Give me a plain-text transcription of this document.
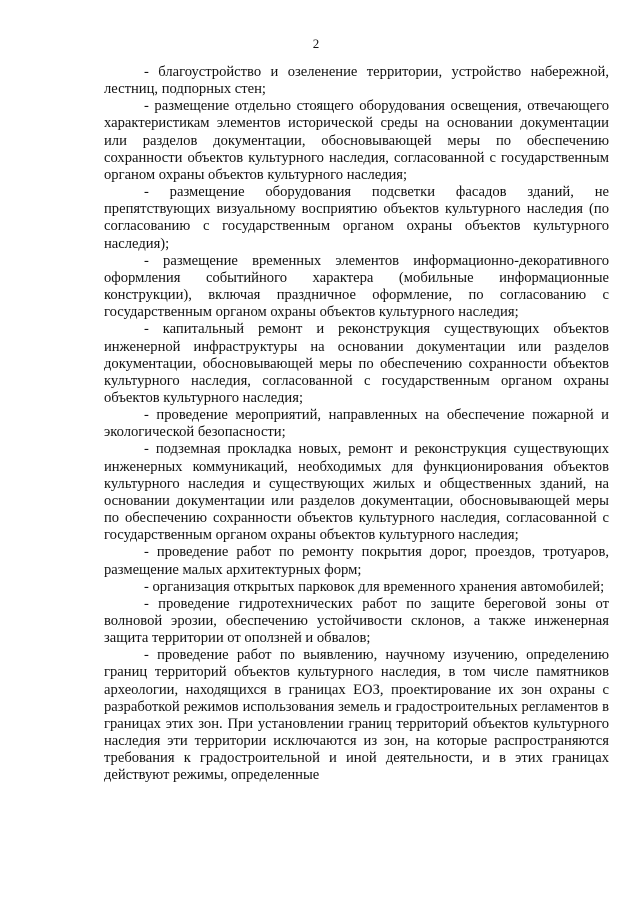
2

- благоустройство и озеленение территории, устройство набережной, лестниц, подпорных стен;

- размещение отдельно стоящего оборудования освещения, отвечающего характеристикам элементов исторической среды на основании документации или разделов документации, обосновывающей меры по обеспечению сохранности объектов культурного наследия, согласованной с государственным органом охраны объектов культурного наследия;

- размещение оборудования подсветки фасадов зданий, не препятствующих визуальному восприятию объектов культурного наследия (по согласованию с государственным органом охраны объектов культурного наследия);

- размещение временных элементов информационно-декоративного оформления событийного характера (мобильные информационные конструкции), включая праздничное оформление, по согласованию с государственным органом охраны объектов культурного наследия;

- капитальный ремонт и реконструкция существующих объектов инженерной инфраструктуры на основании документации или разделов документации, обосновывающей меры по обеспечению сохранности объектов культурного наследия, согласованной с государственным органом охраны объектов культурного наследия;

- проведение мероприятий, направленных на обеспечение пожарной и экологической безопасности;

- подземная прокладка новых, ремонт и реконструкция существующих инженерных коммуникаций, необходимых для функционирования объектов культурного наследия и существующих жилых и общественных зданий, на основании документации или разделов документации, обосновывающей меры по обеспечению сохранности объектов культурного наследия, согласованной с государственным органом охраны объектов культурного наследия;

- проведение работ по ремонту покрытия дорог, проездов, тротуаров, размещение малых архитектурных форм;

- организация открытых парковок для временного хранения автомобилей;

- проведение гидротехнических работ по защите береговой зоны от волновой эрозии, обеспечению устойчивости склонов, а также инженерная защита территории от оползней и обвалов;

- проведение работ по выявлению, научному изучению, определению границ территорий объектов культурного наследия, в том числе памятников археологии, находящихся в границах ЕОЗ, проектирование их зон охраны с разработкой режимов использования земель и градостроительных регламентов в границах этих зон. При установлении границ территорий объектов культурного наследия эти территории исключаются из зон, на которые распространяются требования к градостроительной и иной деятельности, и в этих границах действуют режимы, определенные
